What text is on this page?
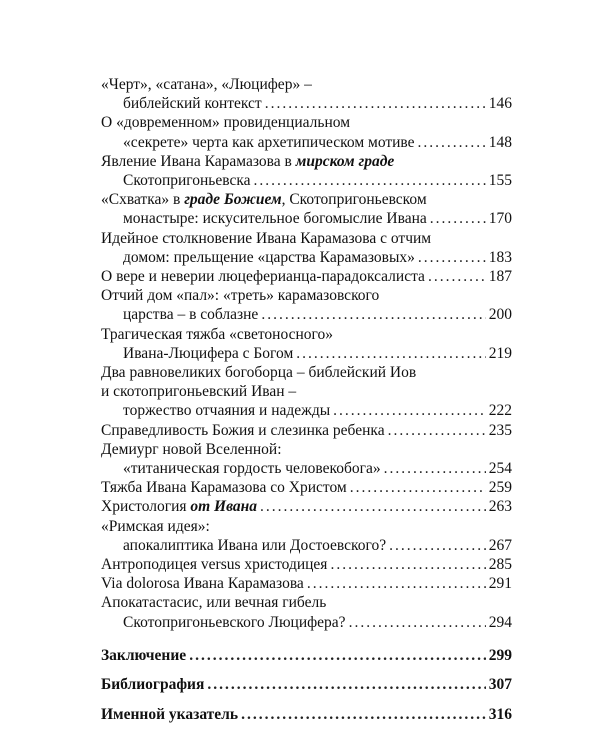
«Черт», «сатана», «Люцифер» –
библейский контекст .....	146
О «довременном» провиденциальном
«секрете» черта как архетипическом мотиве .....	148
Явление Ивана Карамазова в мирском граде
Скотопригоньевска .....	155
«Схватка» в граде Божием, Скотопригоньевском
монастыре: искусительное богомыслие Ивана .....	170
Идейное столкновение Ивана Карамазова с отчим
домом: прельщение «царства Карамазовых» .....	183
О вере и неверии люцеферианца-парадоксалиста .....	187
Отчий дом «пал»: «треть» карамазовского
царства – в соблазне .....	200
Трагическая тяжба «светоносного»
Ивана-Люцифера с Богом .....	219
Два равновеликих богоборца – библейский Иов
и скотопригоньевский Иван –
торжество отчаяния и надежды .....	222
Справедливость Божия и слезинка ребенка .....	235
Демиург новой Вселенной:
«титаническая гордость человекобога» .....	254
Тяжба Ивана Карамазова со Христом .....	259
Христология от Ивана .....	263
«Римская идея»:
апокалиптика Ивана или Достоевского? .....	267
Антроподицея versus христодицея .....	285
Via dolorosa Ивана Карамазова .....	291
Апокатастасис, или вечная гибель
Скотопригоньевского Люцифера? .....	294
Заключение .....	299
Библиография .....	307
Именной указатель .....	316
